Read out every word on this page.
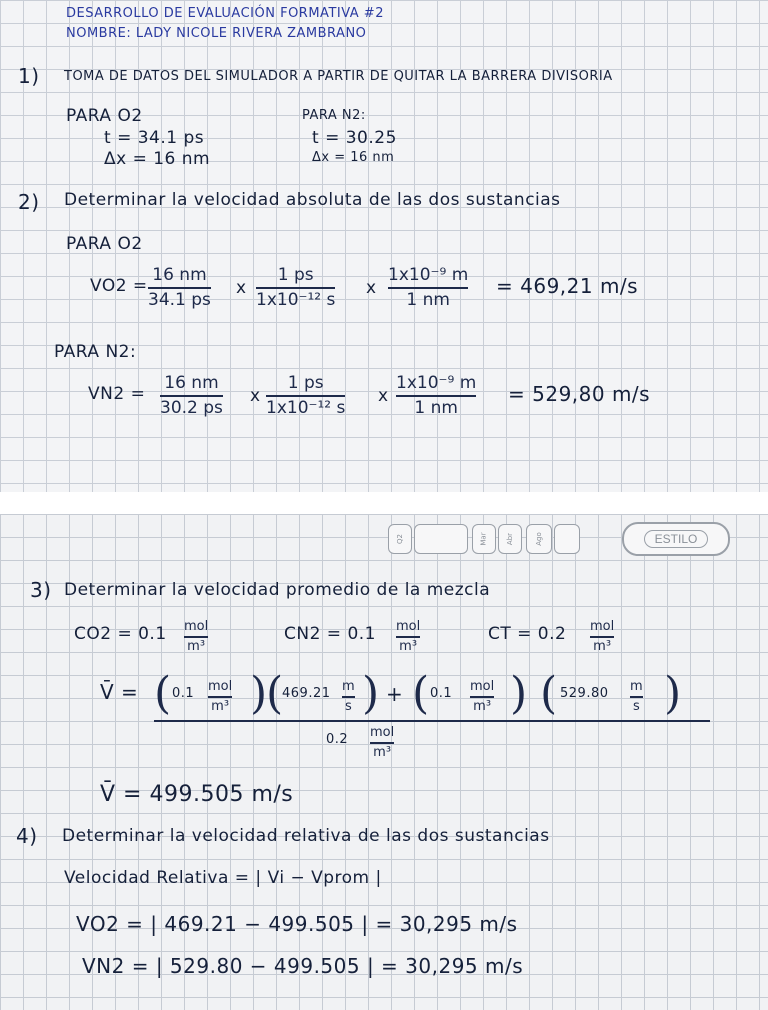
DESARROLLO DE EVALUACIÓN FORMATIVA #2
NOMBRE: LADY NICOLE RIVERA ZAMBRANO
1) TOMA DE DATOS DEL SIMULADOR A PARTIR DE QUITAR LA BARRERA DIVISORIA
PARA O2
t = 34.1 ps
Δx = 16 nm
PARA N2:
t = 30.25
Δx = 16 nm
2) Determinar la velocidad absoluta de las dos sustancias
PARA O2
VO2 =
16 nm
34.1 ps
x
1 ps
1x10⁻¹² s
x
1x10⁻⁹ m
1 nm
= 469,21 m/s
PARA N2:
VN2 =
16 nm
30.2 ps
x
1 ps
1x10⁻¹² s
x
1x10⁻⁹ m
1 nm
= 529,80 m/s
Q2	Mar	Abr	Ago	ESTILO
3) Determinar la velocidad promedio de la mezcla
CO2 = 0.1 mol
m³
CN2 = 0.1 mol
m³
CT = 0.2 mol
m³
V̄ = ( 0.1 mol
m³ )
(
469.21 m
s ) + ( 0.1 mol
m³ ) ( 529.80 m
s )
0.2 mol
m³
V̄ = 499.505 m/s
4) Determinar la velocidad relativa de las dos sustancias
Velocidad Relativa = | Vi − Vprom |
VO2 = | 469.21 − 499.505 | = 30,295 m/s
VN2 = | 529.80 − 499.505 | = 30,295 m/s
